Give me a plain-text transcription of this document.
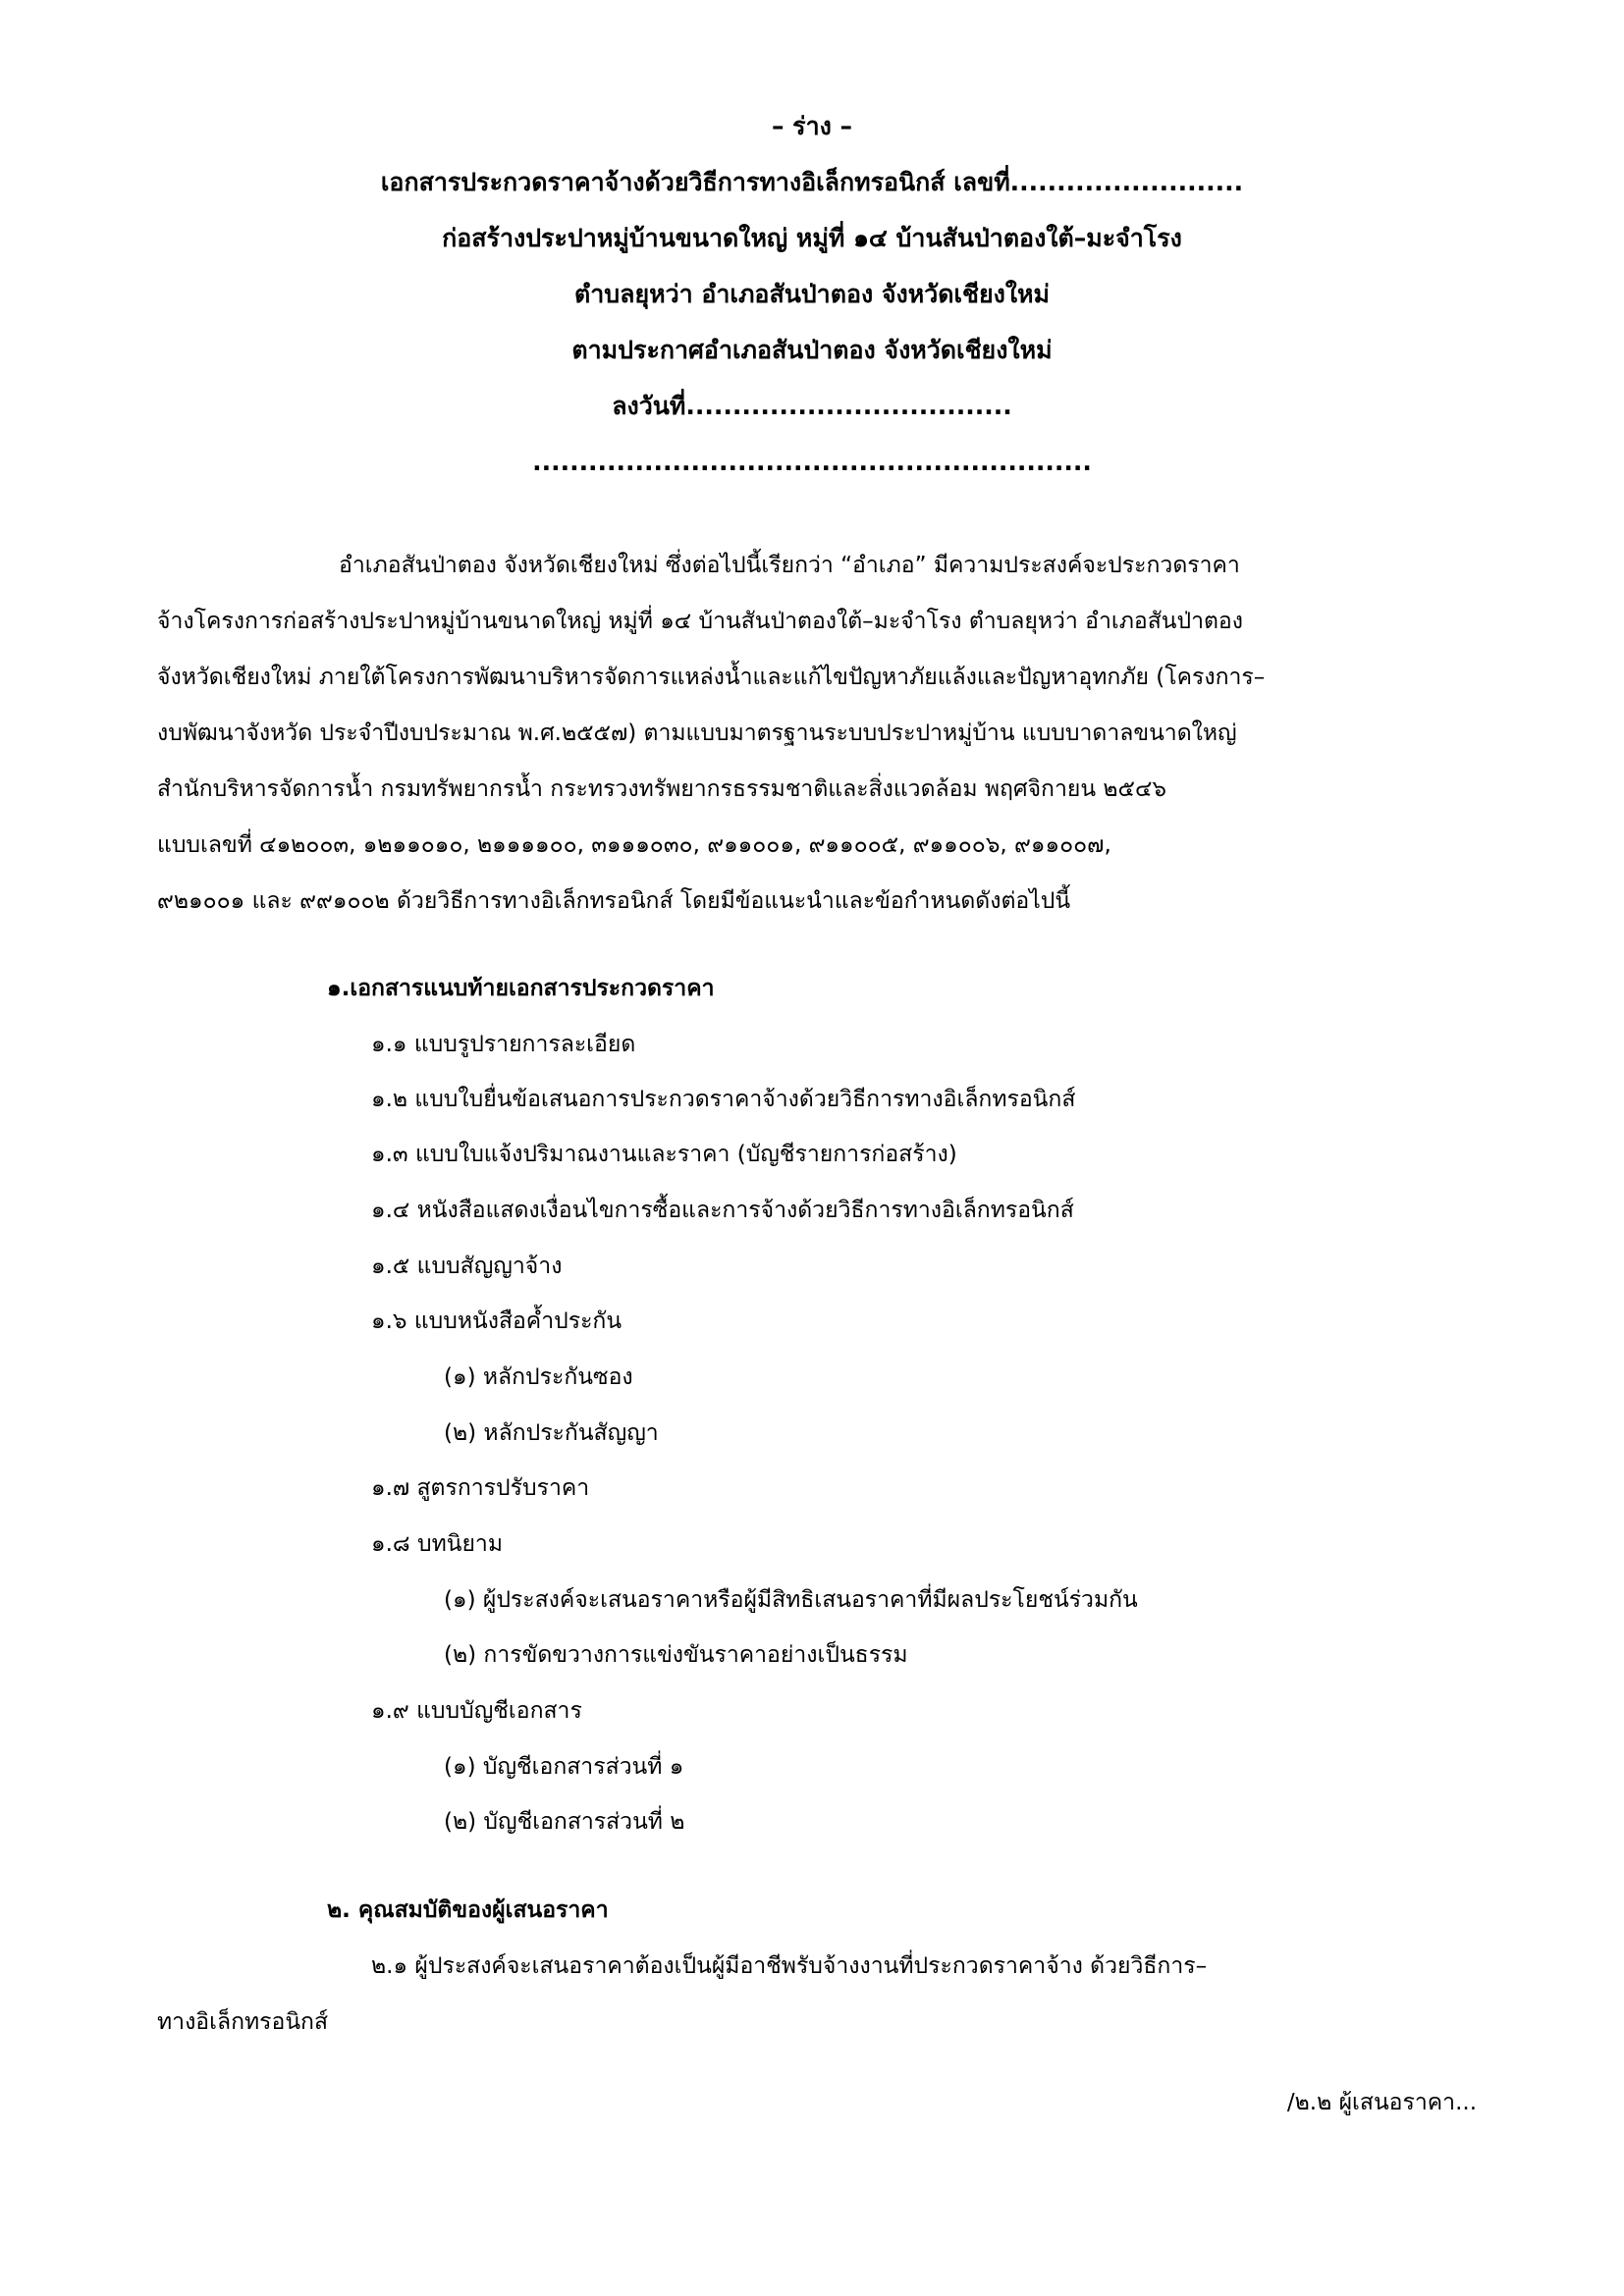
– ร่าง –
เอกสารประกวดราคาจ้างด้วยวิธีการทางอิเล็กทรอนิกส์ เลขที่.........................
ก่อสร้างประปาหมู่บ้านขนาดใหญ่ หมู่ที่ ๑๔ บ้านสันป่าตองใต้–มะจำโรง
ตำบลยุหว่า อำเภอสันป่าตอง จังหวัดเชียงใหม่
ตามประกาศอำเภอสันป่าตอง จังหวัดเชียงใหม่
ลงวันที่...................................
............................................................
อำเภอสันป่าตอง จังหวัดเชียงใหม่ ซึ่งต่อไปนี้เรียกว่า “อำเภอ” มีความประสงค์จะประกวดราคา
จ้างโครงการก่อสร้างประปาหมู่บ้านขนาดใหญ่ หมู่ที่ ๑๔ บ้านสันป่าตองใต้–มะจำโรง ตำบลยุหว่า อำเภอสันป่าตอง
จังหวัดเชียงใหม่ ภายใต้โครงการพัฒนาบริหารจัดการแหล่งน้ำและแก้ไขปัญหาภัยแล้งและปัญหาอุทกภัย (โครงการ–
งบพัฒนาจังหวัด ประจำปีงบประมาณ พ.ศ.๒๕๕๗) ตามแบบมาตรฐานระบบประปาหมู่บ้าน แบบบาดาลขนาดใหญ่
สำนักบริหารจัดการน้ำ กรมทรัพยากรน้ำ กระทรวงทรัพยากรธรรมชาติและสิ่งแวดล้อม พฤศจิกายน ๒๕๔๖
แบบเลขที่ ๔๑๒๐๐๓, ๑๒๑๑๐๑๐, ๒๑๑๑๑๐๐, ๓๑๑๑๐๓๐, ๙๑๑๐๐๑, ๙๑๑๐๐๕, ๙๑๑๐๐๖, ๙๑๑๐๐๗,
๙๒๑๐๐๑ และ ๙๙๑๐๐๒ ด้วยวิธีการทางอิเล็กทรอนิกส์ โดยมีข้อแนะนำและข้อกำหนดดังต่อไปนี้
๑.เอกสารแนบท้ายเอกสารประกวดราคา
๑.๑ แบบรูปรายการละเอียด
๑.๒ แบบใบยื่นข้อเสนอการประกวดราคาจ้างด้วยวิธีการทางอิเล็กทรอนิกส์
๑.๓ แบบใบแจ้งปริมาณงานและราคา (บัญชีรายการก่อสร้าง)
๑.๔ หนังสือแสดงเงื่อนไขการซื้อและการจ้างด้วยวิธีการทางอิเล็กทรอนิกส์
๑.๕ แบบสัญญาจ้าง
๑.๖ แบบหนังสือค้ำประกัน
(๑) หลักประกันซอง
(๒) หลักประกันสัญญา
๑.๗ สูตรการปรับราคา
๑.๘ บทนิยาม
(๑) ผู้ประสงค์จะเสนอราคาหรือผู้มีสิทธิเสนอราคาที่มีผลประโยชน์ร่วมกัน
(๒) การขัดขวางการแข่งขันราคาอย่างเป็นธรรม
๑.๙ แบบบัญชีเอกสาร
(๑) บัญชีเอกสารส่วนที่ ๑
(๒) บัญชีเอกสารส่วนที่ ๒
๒. คุณสมบัติของผู้เสนอราคา
๒.๑ ผู้ประสงค์จะเสนอราคาต้องเป็นผู้มีอาชีพรับจ้างงานที่ประกวดราคาจ้าง ด้วยวิธีการ–
ทางอิเล็กทรอนิกส์
/๒.๒ ผู้เสนอราคา...
